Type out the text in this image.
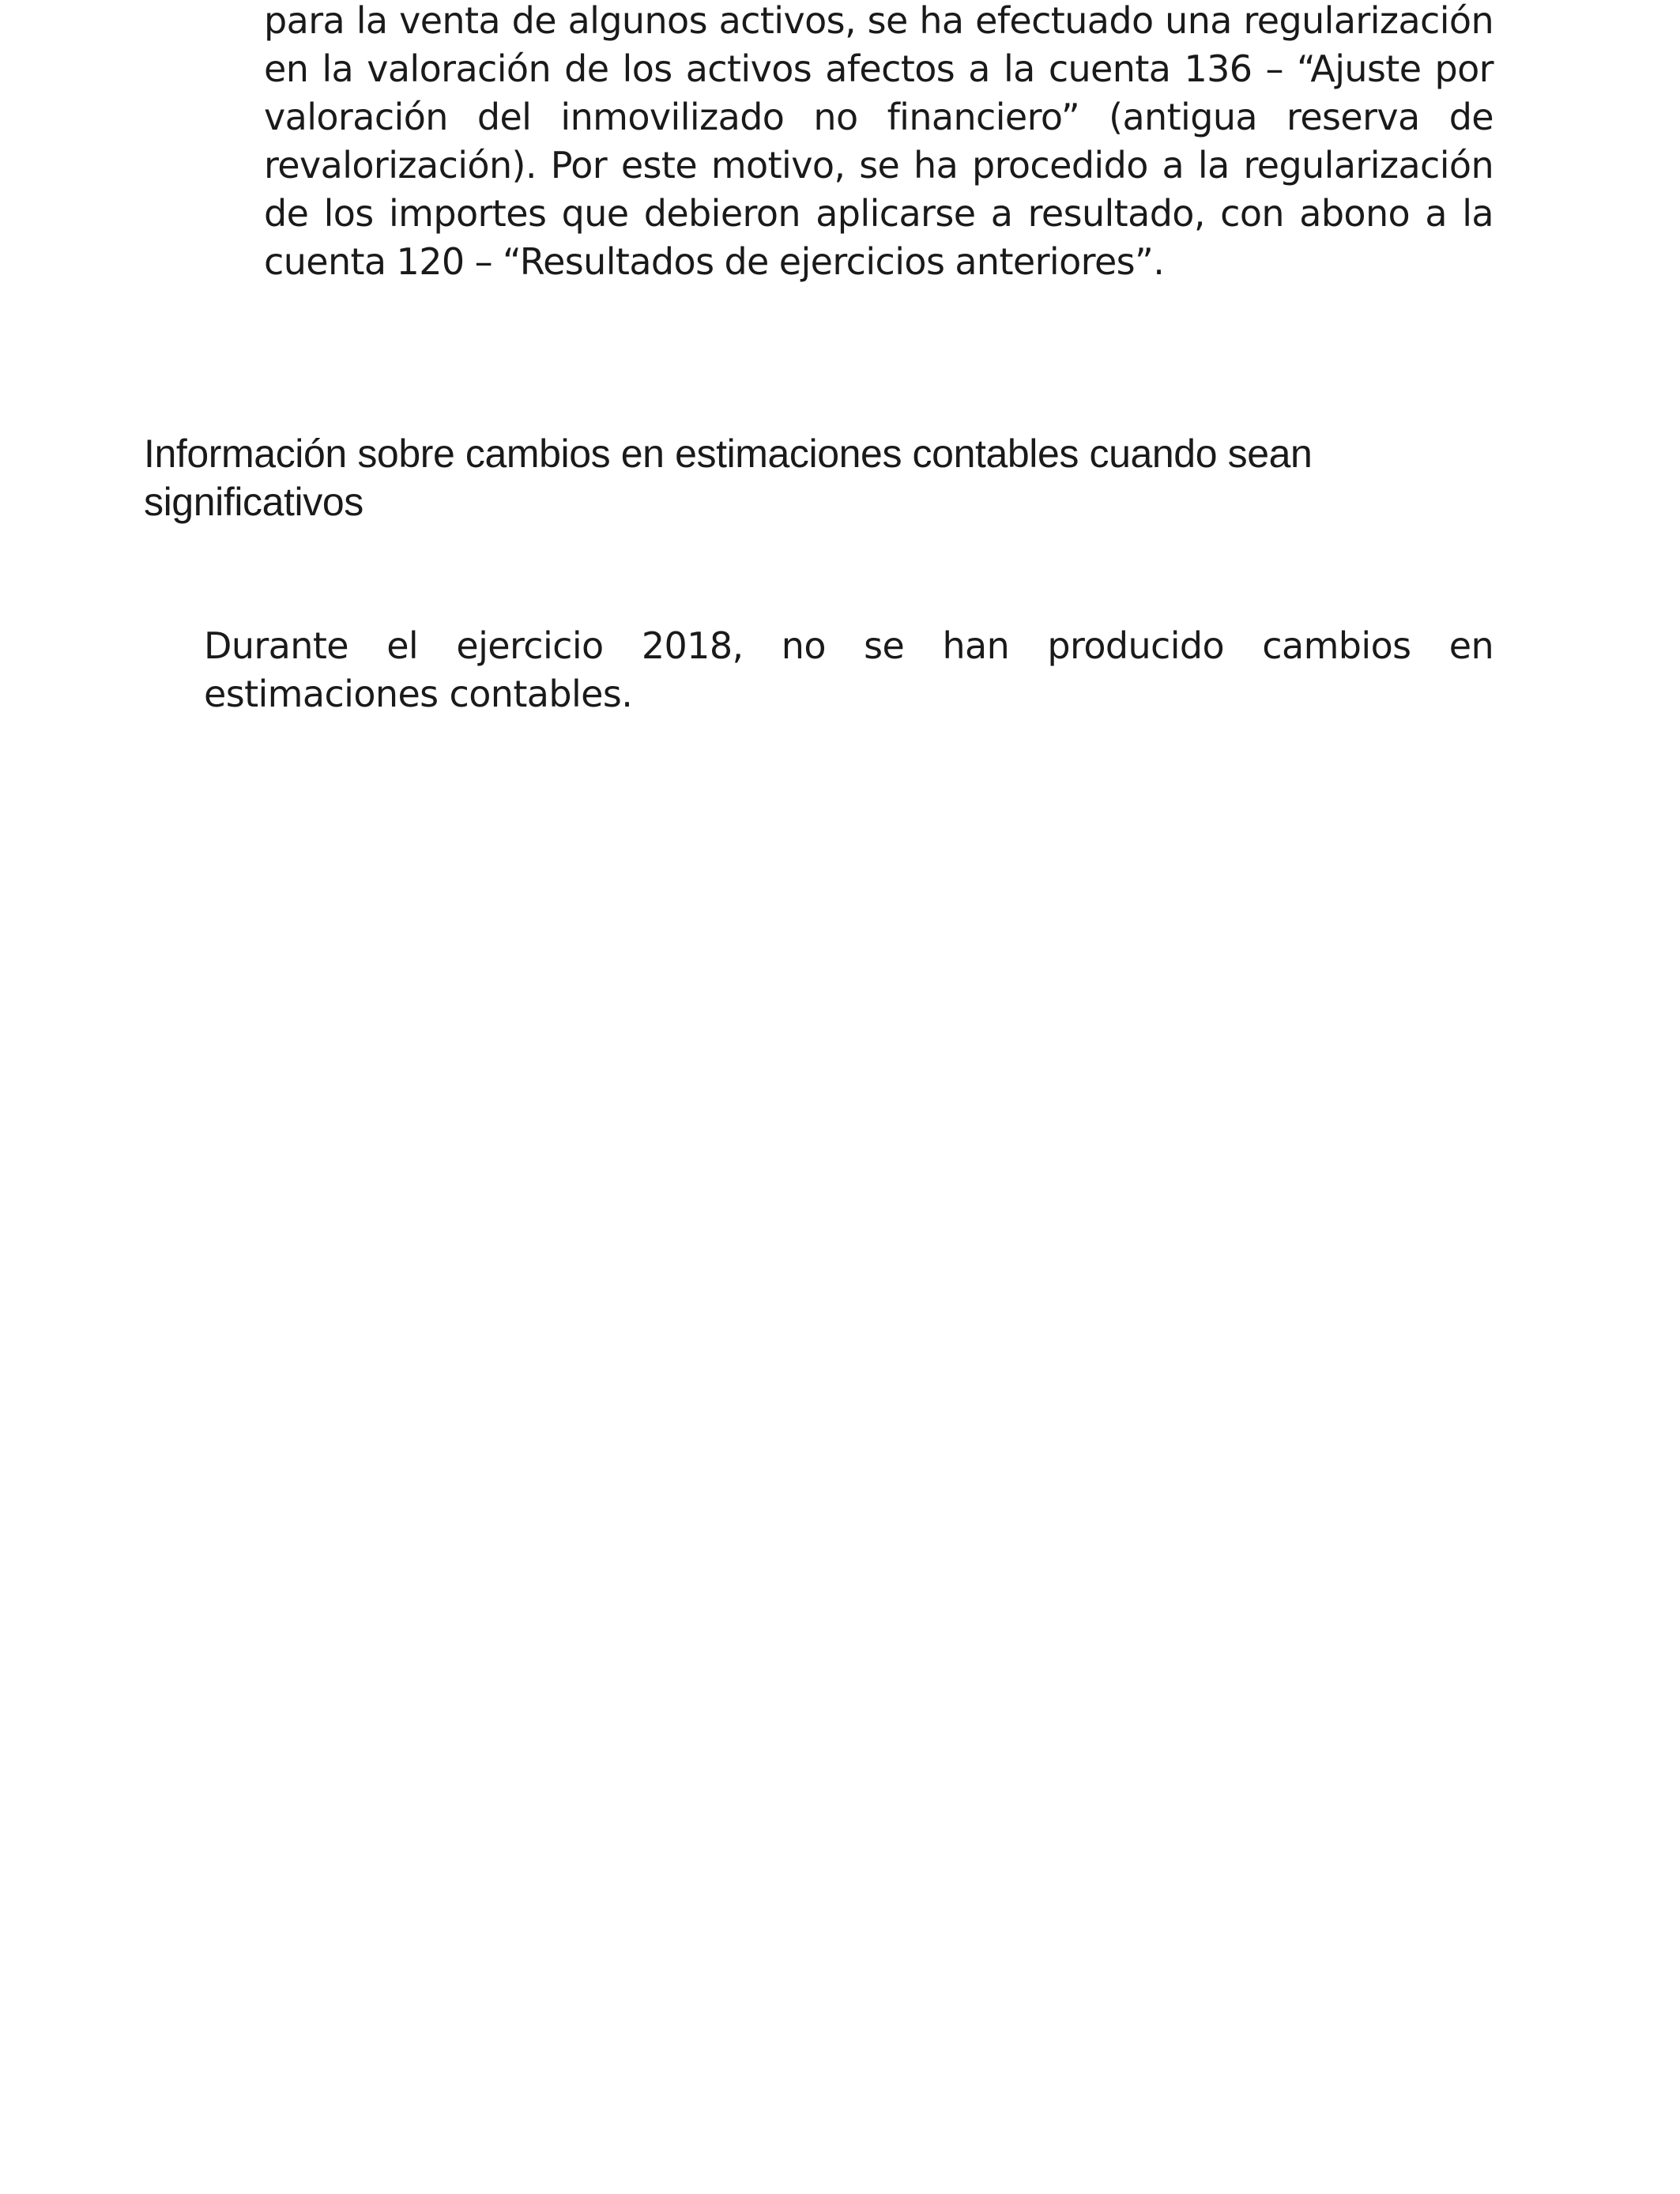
para la venta de algunos activos, se ha efectuado una regularización en la valoración de los activos afectos a la cuenta 136 – “Ajuste por valoración del inmovilizado no financiero” (antigua reserva de revalorización). Por este motivo, se ha procedido a la regularización de los importes que debieron aplicarse a resultado, con abono a la cuenta 120 – “Resultados de ejercicios anteriores”.

Información sobre cambios en estimaciones contables cuando sean significativos

Durante el ejercicio 2018, no se han producido cambios en estimaciones contables.
